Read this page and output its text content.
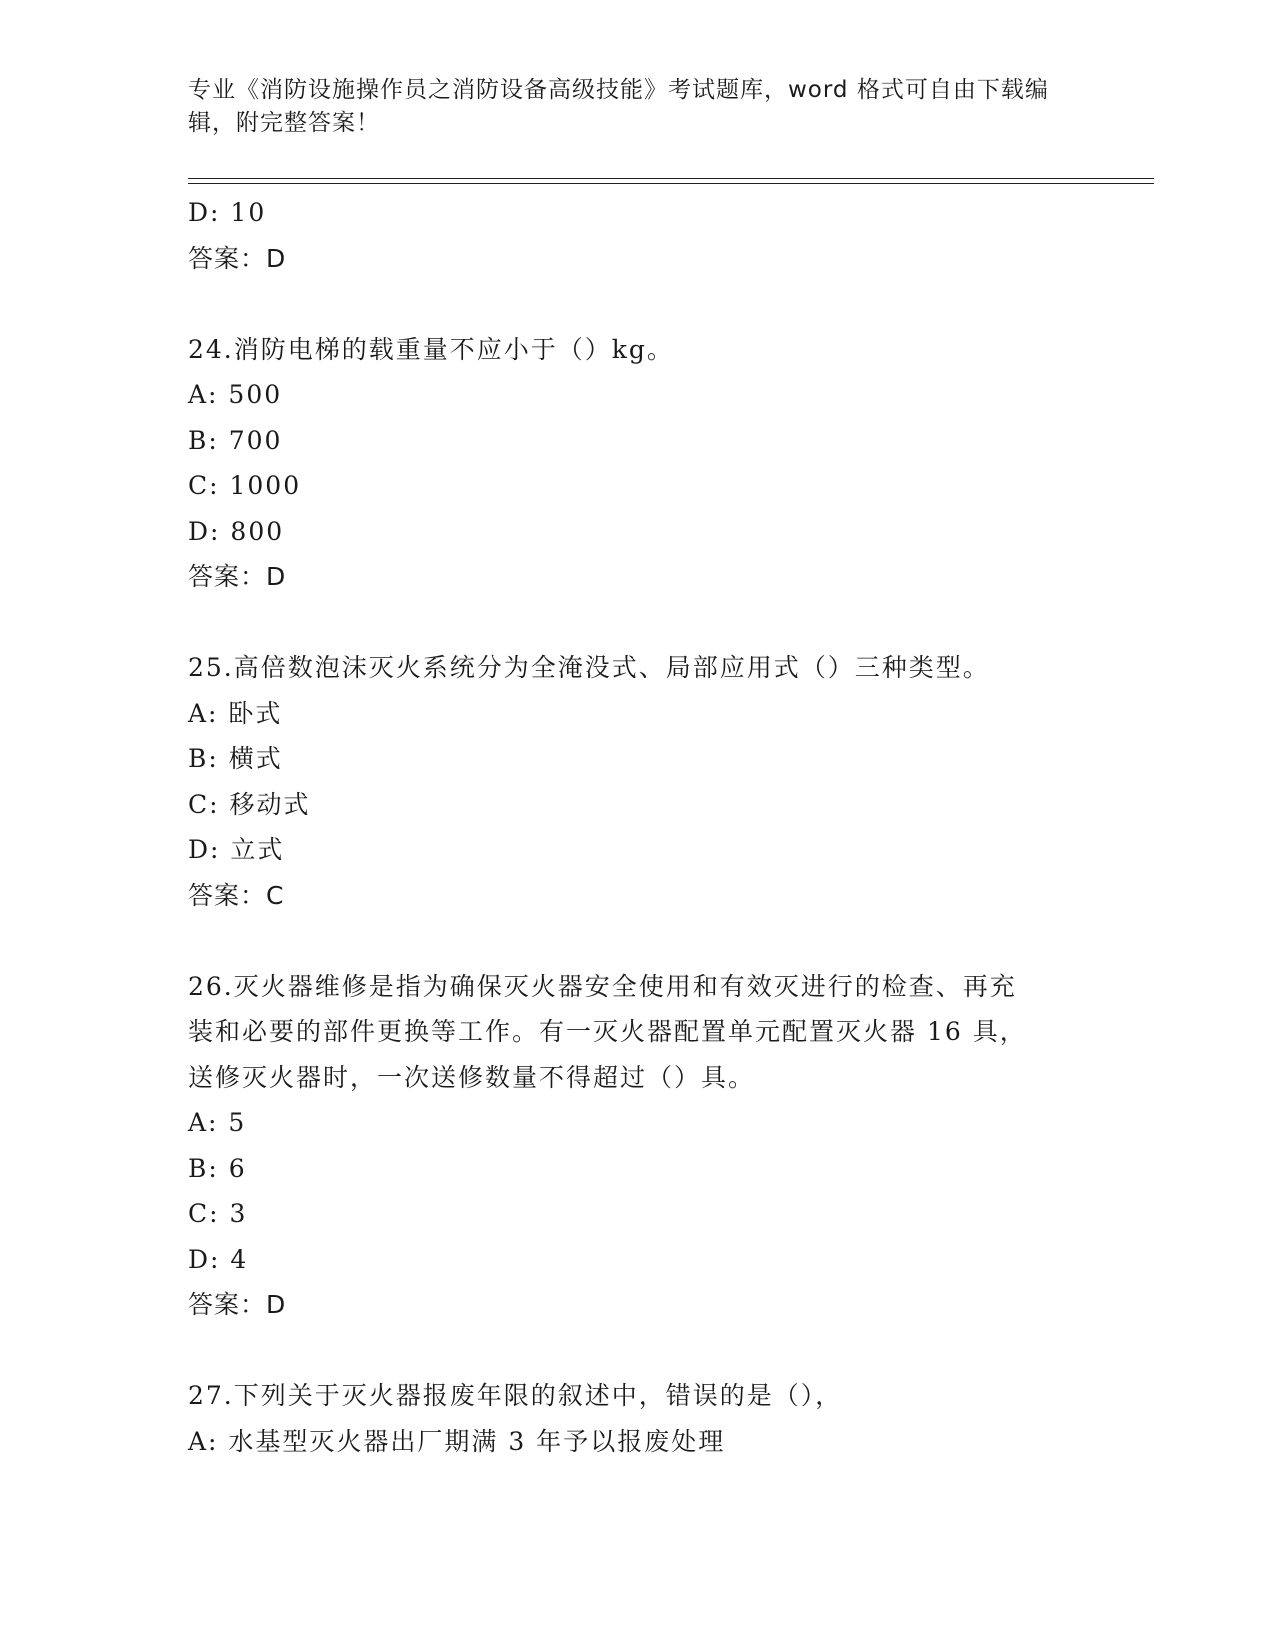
专业《消防设施操作员之消防设备高级技能》考试题库，word 格式可自由下载编
辑，附完整答案！
D: 10
答案：D
24.消防电梯的载重量不应小于（）kg。
A: 500
B: 700
C: 1000
D: 800
答案：D
25.高倍数泡沫灭火系统分为全淹没式、局部应用式（）三种类型。
A: 卧式
B: 横式
C: 移动式
D: 立式
答案：C
26.灭火器维修是指为确保灭火器安全使用和有效灭进行的检查、再充
装和必要的部件更换等工作。有一灭火器配置单元配置灭火器 16 具，
送修灭火器时，一次送修数量不得超过（）具。
A: 5
B: 6
C: 3
D: 4
答案：D
27.下列关于灭火器报废年限的叙述中，错误的是（），
A: 水基型灭火器出厂期满 3 年予以报废处理
